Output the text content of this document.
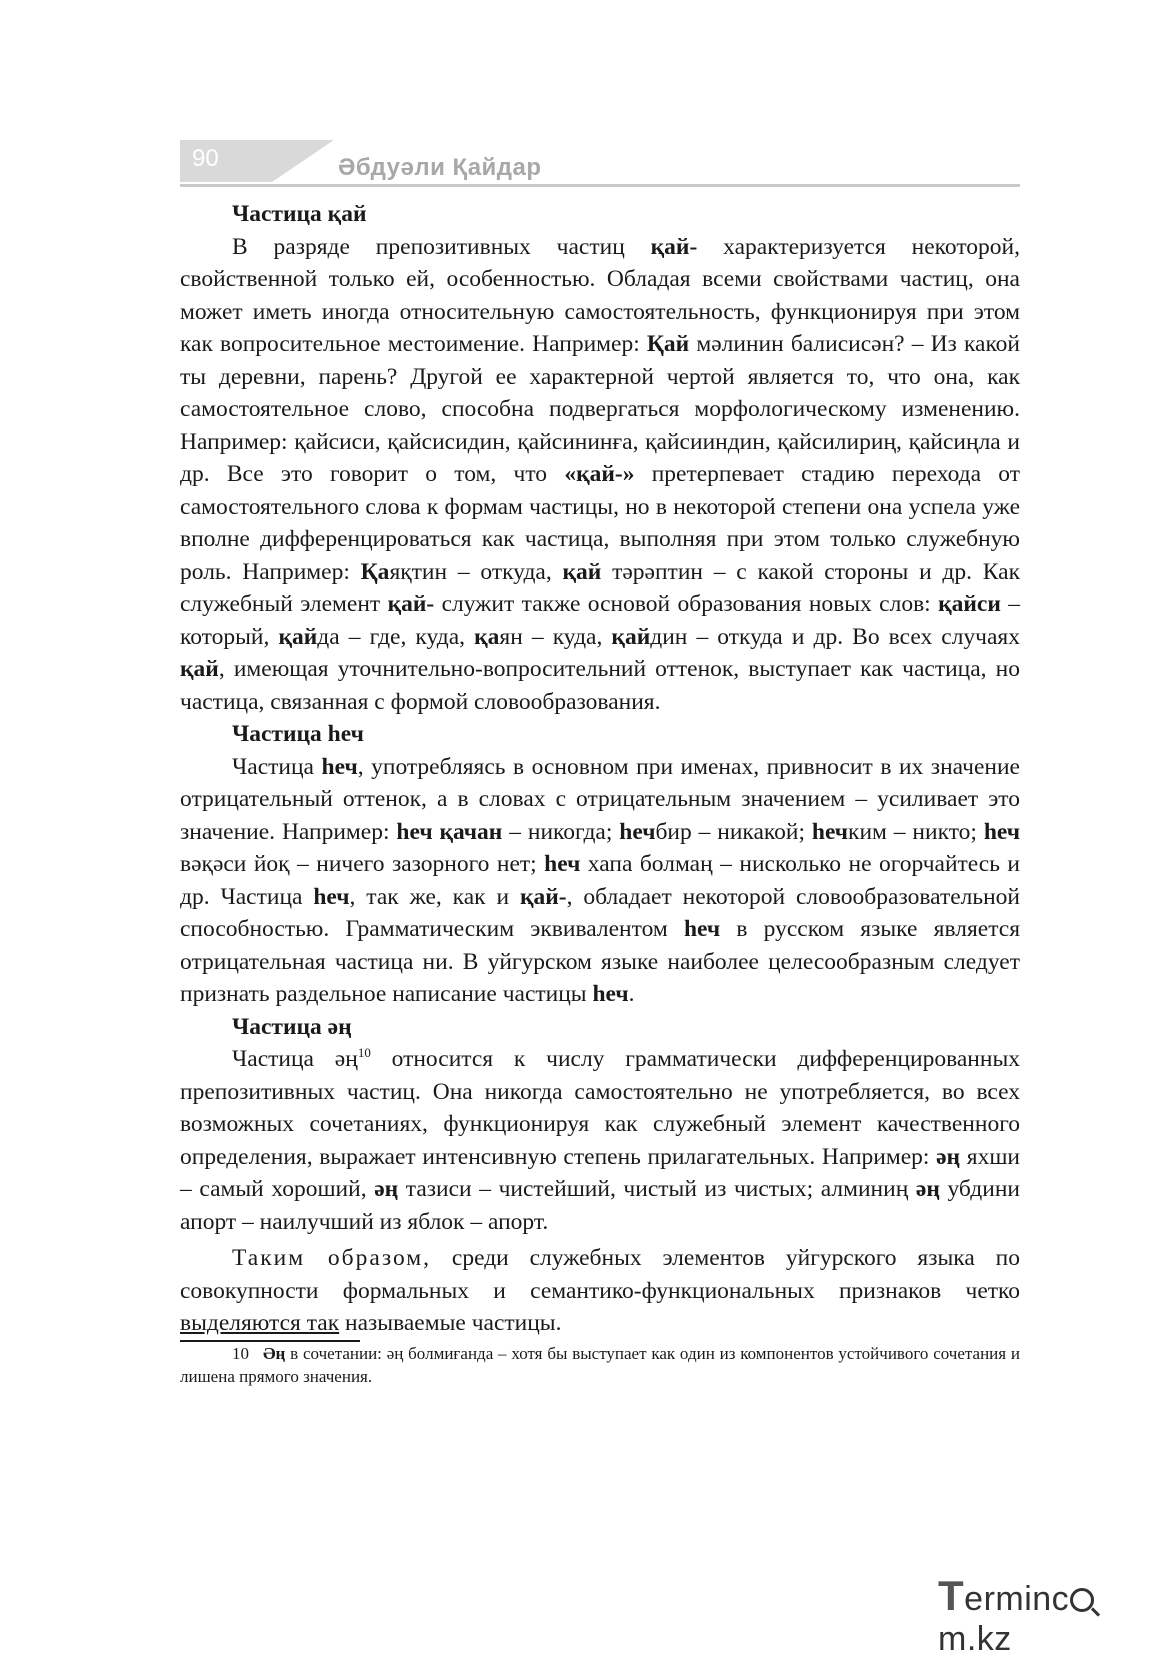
90	Әбдуәли Қайдар
Частица қай

В разряде препозитивных частиц қай- характеризуется некоторой, свойственной только ей, особенностью. Обладая всеми свойствами частиц, она может иметь иногда относительную самостоятельность, функционируя при этом как вопросительное местоимение. Например: Қай мәлинин балисисән? – Из какой ты деревни, парень? Другой ее характерной чертой является то, что она, как самостоятельное слово, способна подвергаться морфологическому изменению. Например: қайсиси, қайсисидин, қайсининға, қайсииндин, қайсилириң, қайсиңла и др. Все это говорит о том, что «қай-» претерпевает стадию перехода от самостоятельного слова к формам частицы, но в некоторой степени она успела уже вполне дифференцироваться как частица, выполняя при этом только служебную роль. Например: Қаяқтин – откуда, қай тәрәптин – с какой стороны и др. Как служебный элемент қай- служит также основой образования новых слов: қайси – который, қайда – где, куда, қаян – куда, қайдин – откуда и др. Во всех случаях қай, имеющая уточнительно-вопросительний оттенок, выступает как частица, но частица, связанная с формой словообразования.

Частица һеч

Частица һеч, употребляясь в основном при именах, привносит в их значение отрицательный оттенок, а в словах с отрицательным значением – усиливает это значение. Например: һеч қачан – никогда; һечбир – никакой; һечким – никто; һеч вәқәси йоқ – ничего зазорного нет; һеч хапа болмаң – нисколько не огорчайтесь и др. Частица һеч, так же, как и қай-, обладает некоторой словообразовательной способностью. Грамматическим эквивалентом һеч в русском языке является отрицательная частица ни. В уйгурском языке наиболее целесообразным следует признать раздельное написание частицы һеч.

Частица әң

Частица $әң^{10}$ относится к числу грамматически дифференцированных препозитивных частиц. Она никогда самостоятельно не употребляется, во всех возможных сочетаниях, функционируя как служебный элемент качественного определения, выражает интенсивную степень прилагательных. Например: әң яхши – самый хороший, әң тазиси – чистейший, чистый из чистых; алминиң әң убдини апорт – наилучший из яблок – апорт.

Таким образом, среди служебных элементов уйгурского языка по совокупности формальных и семантико-функциональных признаков четко выделяются так называемые частицы.

10 Әң в сочетании: әң болмиғанда – хотя бы выступает как один из компонентов устойчивого сочетания и лишена прямого значения.

Termincm.kz
